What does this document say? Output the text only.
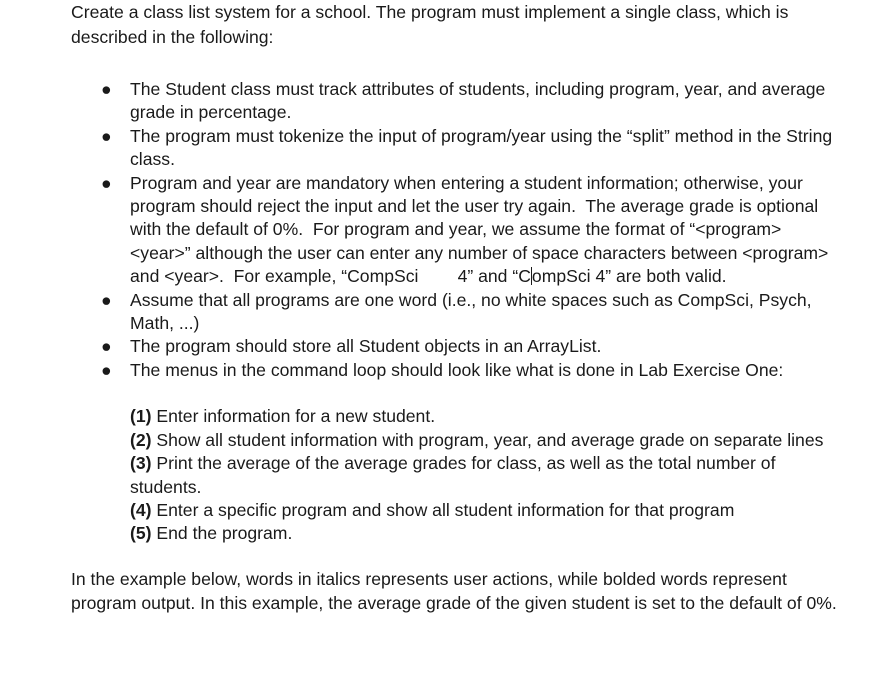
Create a class list system for a school. The program must implement a single class, which is described in the following:

● The Student class must track attributes of students, including program, year, and average grade in percentage.
● The program must tokenize the input of program/year using the “split” method in the String class.
● Program and year are mandatory when entering a student information; otherwise, your program should reject the input and let the user try again.  The average grade is optional with the default of 0%.  For program and year, we assume the format of “<program> <year>” although the user can enter any number of space characters between <program> and <year>.  For example, “CompSci        4” and “CompSci 4” are both valid.
● Assume that all programs are one word (i.e., no white spaces such as CompSci, Psych, Math, ...)
● The program should store all Student objects in an ArrayList.
● The menus in the command loop should look like what is done in Lab Exercise One:
(1) Enter information for a new student.
(2) Show all student information with program, year, and average grade on separate lines
(3) Print the average of the average grades for class, as well as the total number of students.
(4) Enter a specific program and show all student information for that program
(5) End the program.

In the example below, words in italics represents user actions, while bolded words represent program output. In this example, the average grade of the given student is set to the default of 0%.
